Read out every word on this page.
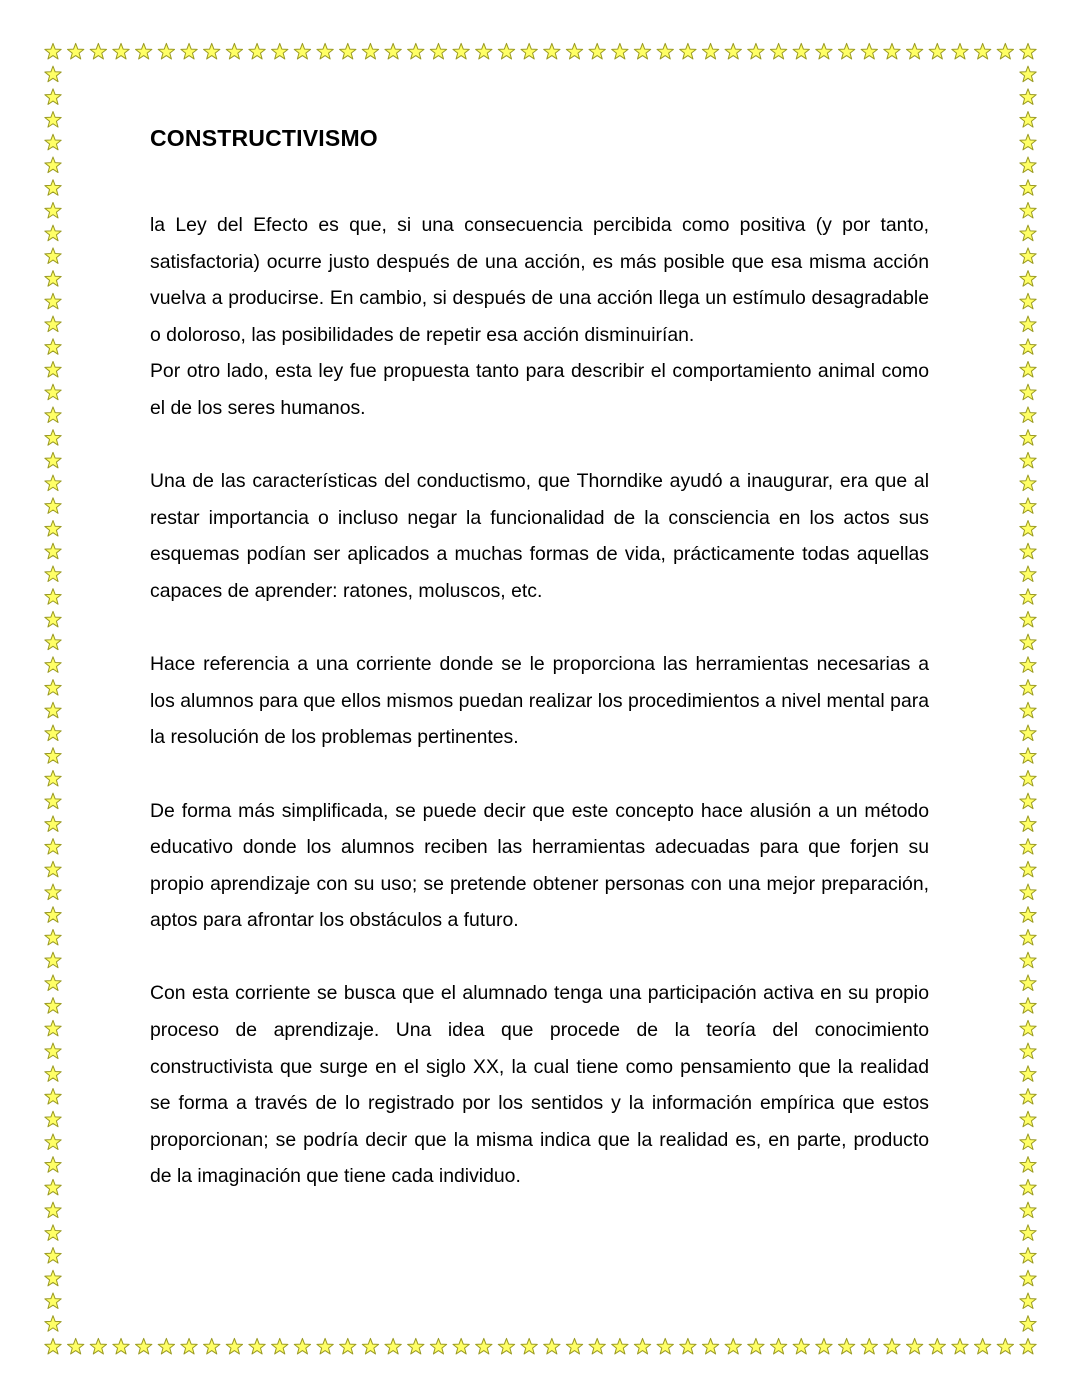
CONSTRUCTIVISMO

la Ley del Efecto es que, si una consecuencia percibida como positiva (y por tanto, satisfactoria) ocurre justo después de una acción, es más posible que esa misma acción vuelva a producirse. En cambio, si después de una acción llega un estímulo desagradable o doloroso, las posibilidades de repetir esa acción disminuirían.

Por otro lado, esta ley fue propuesta tanto para describir el comportamiento animal como el de los seres humanos.

Una de las características del conductismo, que Thorndike ayudó a inaugurar, era que al restar importancia o incluso negar la funcionalidad de la consciencia en los actos sus esquemas podían ser aplicados a muchas formas de vida, prácticamente todas aquellas capaces de aprender: ratones, moluscos, etc.

Hace referencia a una corriente donde se le proporciona las herramientas necesarias a los alumnos para que ellos mismos puedan realizar los procedimientos a nivel mental para la resolución de los problemas pertinentes.

De forma más simplificada, se puede decir que este concepto hace alusión a un método educativo donde los alumnos reciben las herramientas adecuadas para que forjen su propio aprendizaje con su uso; se pretende obtener personas con una mejor preparación, aptos para afrontar los obstáculos a futuro.

Con esta corriente se busca que el alumnado tenga una participación activa en su propio proceso de aprendizaje. Una idea que procede de la teoría del conocimiento constructivista que surge en el siglo XX, la cual tiene como pensamiento que la realidad se forma a través de lo registrado por los sentidos y la información empírica que estos proporcionan; se podría decir que la misma indica que la realidad es, en parte, producto de la imaginación que tiene cada individuo.
